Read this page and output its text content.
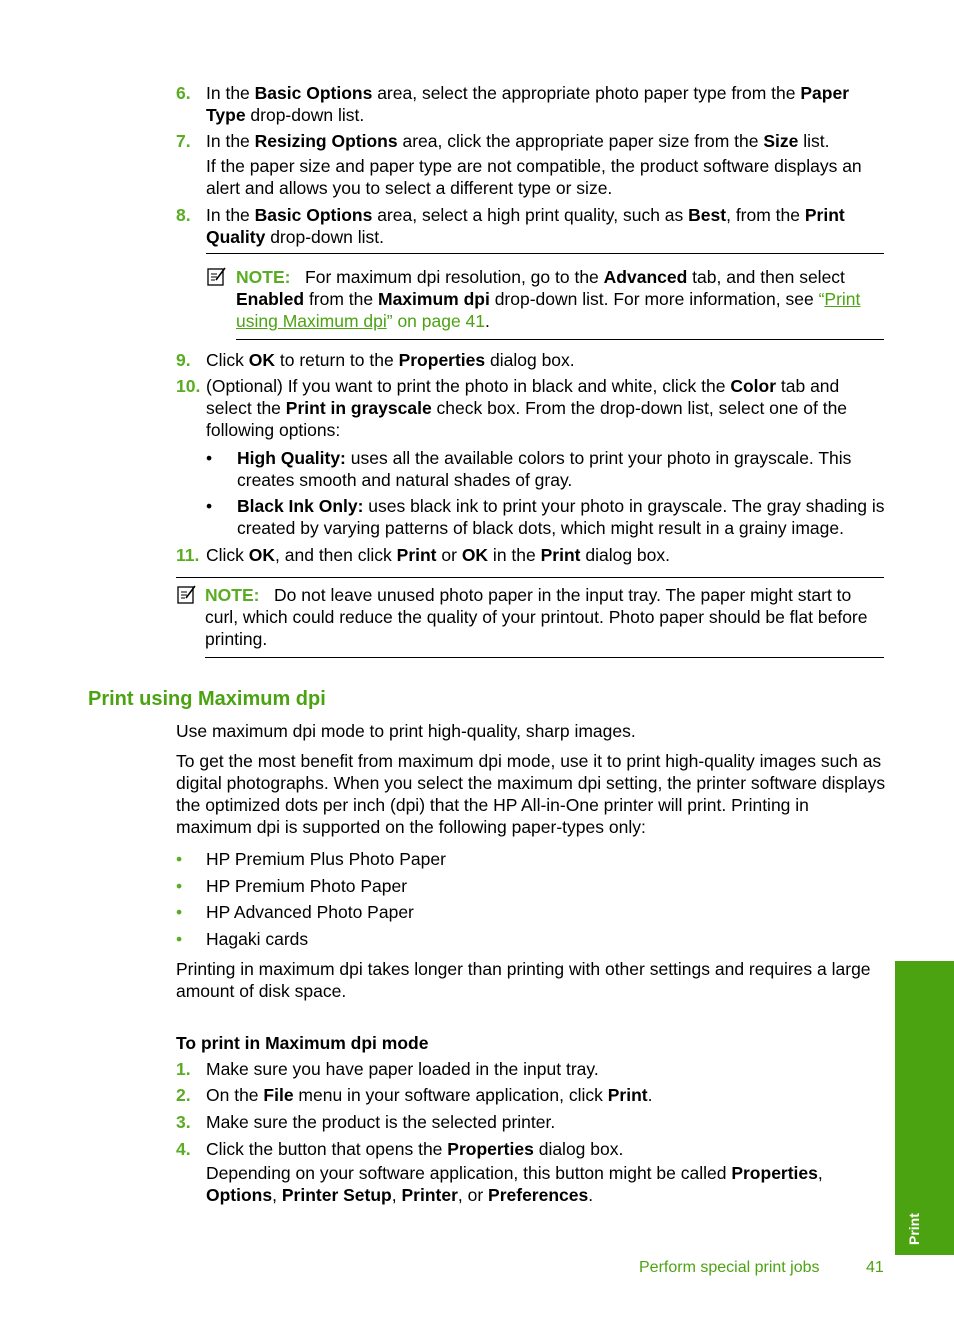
6. In the Basic Options area, select the appropriate photo paper type from the Paper Type drop-down list.
7. In the Resizing Options area, click the appropriate paper size from the Size list.
If the paper size and paper type are not compatible, the product software displays an alert and allows you to select a different type or size.
8. In the Basic Options area, select a high print quality, such as Best, from the Print Quality drop-down list.
NOTE: For maximum dpi resolution, go to the Advanced tab, and then select Enabled from the Maximum dpi drop-down list. For more information, see “Print using Maximum dpi” on page 41.
9. Click OK to return to the Properties dialog box.
10. (Optional) If you want to print the photo in black and white, click the Color tab and select the Print in grayscale check box. From the drop-down list, select one of the following options:
• High Quality: uses all the available colors to print your photo in grayscale. This creates smooth and natural shades of gray.
• Black Ink Only: uses black ink to print your photo in grayscale. The gray shading is created by varying patterns of black dots, which might result in a grainy image.
11. Click OK, and then click Print or OK in the Print dialog box.
NOTE: Do not leave unused photo paper in the input tray. The paper might start to curl, which could reduce the quality of your printout. Photo paper should be flat before printing.
Print using Maximum dpi
Use maximum dpi mode to print high-quality, sharp images.
To get the most benefit from maximum dpi mode, use it to print high-quality images such as digital photographs. When you select the maximum dpi setting, the printer software displays the optimized dots per inch (dpi) that the HP All-in-One printer will print. Printing in maximum dpi is supported on the following paper-types only:
• HP Premium Plus Photo Paper
• HP Premium Photo Paper
• HP Advanced Photo Paper
• Hagaki cards
Printing in maximum dpi takes longer than printing with other settings and requires a large amount of disk space.
To print in Maximum dpi mode
1. Make sure you have paper loaded in the input tray.
2. On the File menu in your software application, click Print.
3. Make sure the product is the selected printer.
4. Click the button that opens the Properties dialog box.
Depending on your software application, this button might be called Properties, Options, Printer Setup, Printer, or Preferences.
Print
Perform special print jobs	41
